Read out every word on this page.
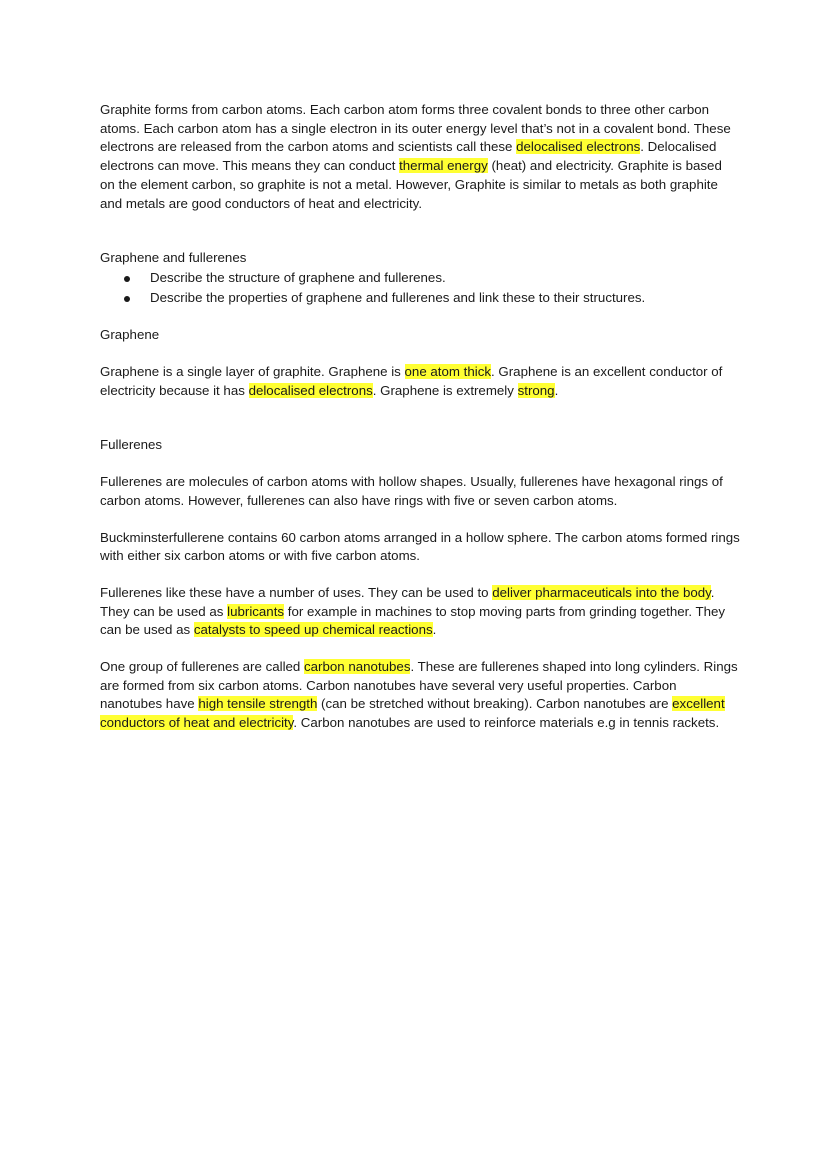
Graphite forms from carbon atoms. Each carbon atom forms three covalent bonds to three other carbon atoms. Each carbon atom has a single electron in its outer energy level that’s not in a covalent bond. These electrons are released from the carbon atoms and scientists call these delocalised electrons. Delocalised electrons can move. This means they can conduct thermal energy (heat) and electricity. Graphite is based on the element carbon, so graphite is not a metal. However, Graphite is similar to metals as both graphite and metals are good conductors of heat and electricity.

Graphene and fullerenes

Describe the structure of graphene and fullerenes.
Describe the properties of graphene and fullerenes and link these to their structures.

Graphene

Graphene is a single layer of graphite. Graphene is one atom thick. Graphene is an excellent conductor of electricity because it has delocalised electrons. Graphene is extremely strong.

Fullerenes

Fullerenes are molecules of carbon atoms with hollow shapes. Usually, fullerenes have hexagonal rings of carbon atoms. However, fullerenes can also have rings with five or seven carbon atoms.

Buckminsterfullerene contains 60 carbon atoms arranged in a hollow sphere. The carbon atoms formed rings with either six carbon atoms or with five carbon atoms.

Fullerenes like these have a number of uses. They can be used to deliver pharmaceuticals into the body. They can be used as lubricants for example in machines to stop moving parts from grinding together. They can be used as catalysts to speed up chemical reactions.

One group of fullerenes are called carbon nanotubes. These are fullerenes shaped into long cylinders. Rings are formed from six carbon atoms. Carbon nanotubes have several very useful properties. Carbon nanotubes have high tensile strength (can be stretched without breaking). Carbon nanotubes are excellent conductors of heat and electricity. Carbon nanotubes are used to reinforce materials e.g in tennis rackets.
